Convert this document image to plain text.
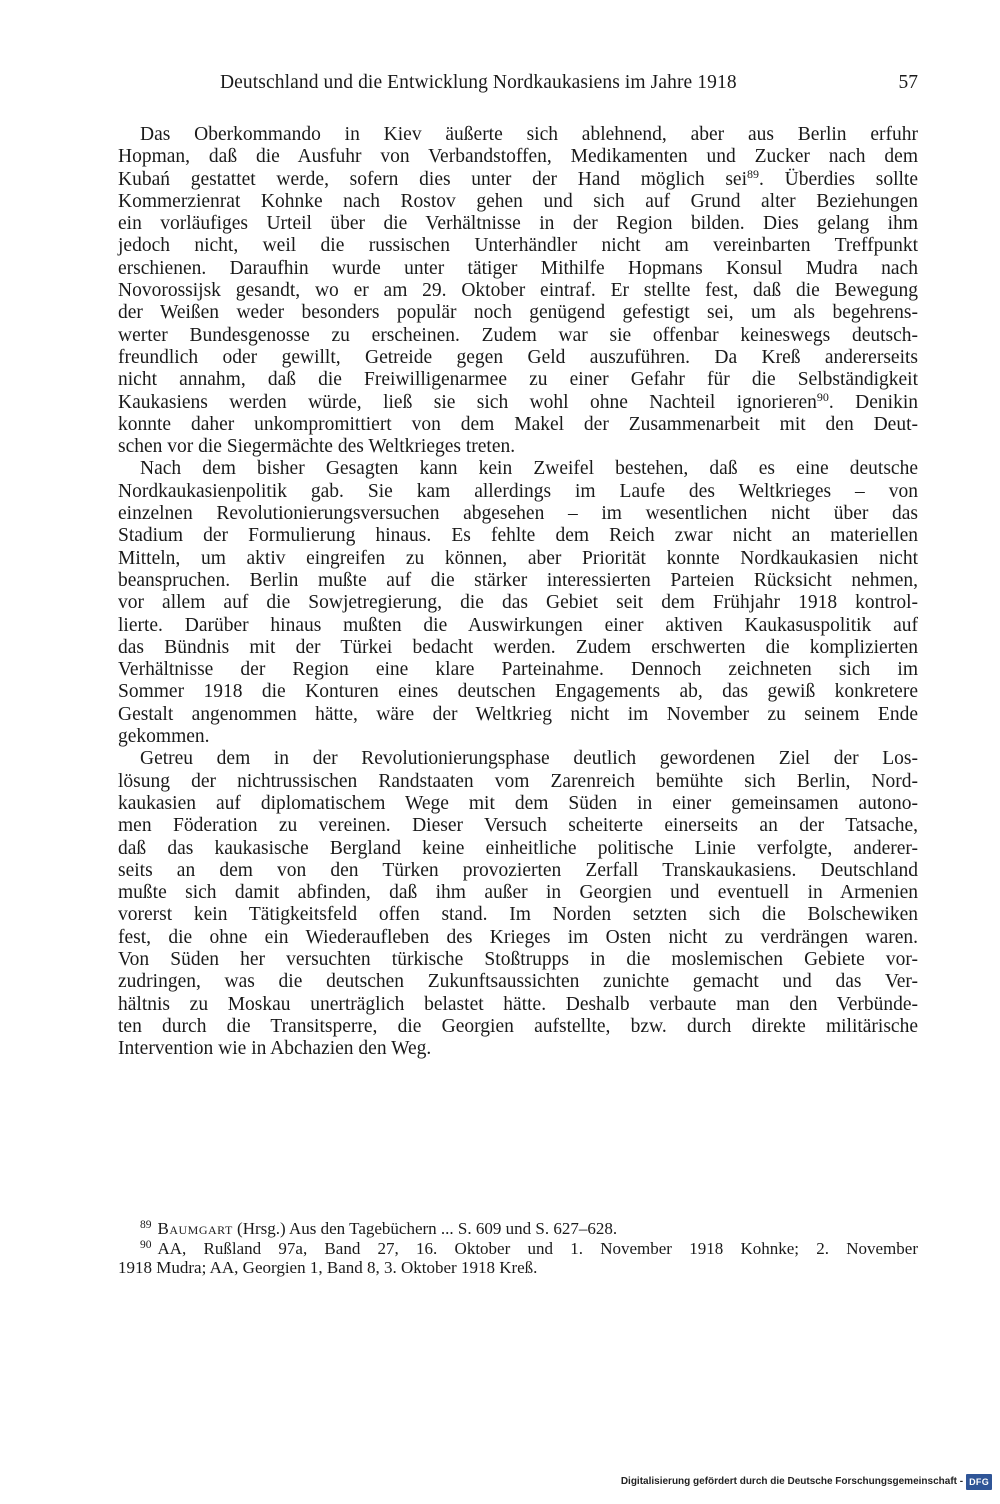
Deutschland und die Entwicklung Nordkaukasiens im Jahre 1918	57
Das Oberkommando in Kiev äußerte sich ablehnend, aber aus Berlin erfuhr
Hopman, daß die Ausfuhr von Verbandstoffen, Medikamenten und Zucker nach dem
Kubań gestattet werde, sofern dies unter der Hand möglich sei$^{89}$. Überdies sollte
Kommerzienrat Kohnke nach Rostov gehen und sich auf Grund alter Beziehungen
ein vorläufiges Urteil über die Verhältnisse in der Region bilden. Dies gelang ihm
jedoch nicht, weil die russischen Unterhändler nicht am vereinbarten Treffpunkt
erschienen. Daraufhin wurde unter tätiger Mithilfe Hopmans Konsul Mudra nach
Novorossijsk gesandt, wo er am 29. Oktober eintraf. Er stellte fest, daß die Bewegung
der Weißen weder besonders populär noch genügend gefestigt sei, um als begehrens-
werter Bundesgenosse zu erscheinen. Zudem war sie offenbar keineswegs deutsch-
freundlich oder gewillt, Getreide gegen Geld auszuführen. Da Kreß andererseits
nicht annahm, daß die Freiwilligenarmee zu einer Gefahr für die Selbständigkeit
Kaukasiens werden würde, ließ sie sich wohl ohne Nachteil ignorieren$^{90}$. Denikin
konnte daher unkompromittiert von dem Makel der Zusammenarbeit mit den Deut-
schen vor die Siegermächte des Weltkrieges treten.
Nach dem bisher Gesagten kann kein Zweifel bestehen, daß es eine deutsche
Nordkaukasienpolitik gab. Sie kam allerdings im Laufe des Weltkrieges – von
einzelnen Revolutionierungsversuchen abgesehen – im wesentlichen nicht über das
Stadium der Formulierung hinaus. Es fehlte dem Reich zwar nicht an materiellen
Mitteln, um aktiv eingreifen zu können, aber Priorität konnte Nordkaukasien nicht
beanspruchen. Berlin mußte auf die stärker interessierten Parteien Rücksicht nehmen,
vor allem auf die Sowjetregierung, die das Gebiet seit dem Frühjahr 1918 kontrol-
lierte. Darüber hinaus mußten die Auswirkungen einer aktiven Kaukasuspolitik auf
das Bündnis mit der Türkei bedacht werden. Zudem erschwerten die komplizierten
Verhältnisse der Region eine klare Parteinahme. Dennoch zeichneten sich im
Sommer 1918 die Konturen eines deutschen Engagements ab, das gewiß konkretere
Gestalt angenommen hätte, wäre der Weltkrieg nicht im November zu seinem Ende
gekommen.
Getreu dem in der Revolutionierungsphase deutlich gewordenen Ziel der Los-
lösung der nichtrussischen Randstaaten vom Zarenreich bemühte sich Berlin, Nord-
kaukasien auf diplomatischem Wege mit dem Süden in einer gemeinsamen autono-
men Föderation zu vereinen. Dieser Versuch scheiterte einerseits an der Tatsache,
daß das kaukasische Bergland keine einheitliche politische Linie verfolgte, anderer-
seits an dem von den Türken provozierten Zerfall Transkaukasiens. Deutschland
mußte sich damit abfinden, daß ihm außer in Georgien und eventuell in Armenien
vorerst kein Tätigkeitsfeld offen stand. Im Norden setzten sich die Bolschewiken
fest, die ohne ein Wiederaufleben des Krieges im Osten nicht zu verdrängen waren.
Von Süden her versuchten türkische Stoßtrupps in die moslemischen Gebiete vor-
zudringen, was die deutschen Zukunftsaussichten zunichte gemacht und das Ver-
hältnis zu Moskau unerträglich belastet hätte. Deshalb verbaute man den Verbünde-
ten durch die Transitsperre, die Georgien aufstellte, bzw. durch direkte militärische
Intervention wie in Abchazien den Weg.
$^{89}$ Baumgart (Hrsg.) Aus den Tagebüchern ... S. 609 und S. 627–628.
$^{90}$ AA, Rußland 97a, Band 27, 16. Oktober und 1. November 1918 Kohnke; 2. November
1918 Mudra; AA, Georgien 1, Band 8, 3. Oktober 1918 Kreß.
Digitalisierung gefördert durch die Deutsche Forschungsgemeinschaft - DFG
